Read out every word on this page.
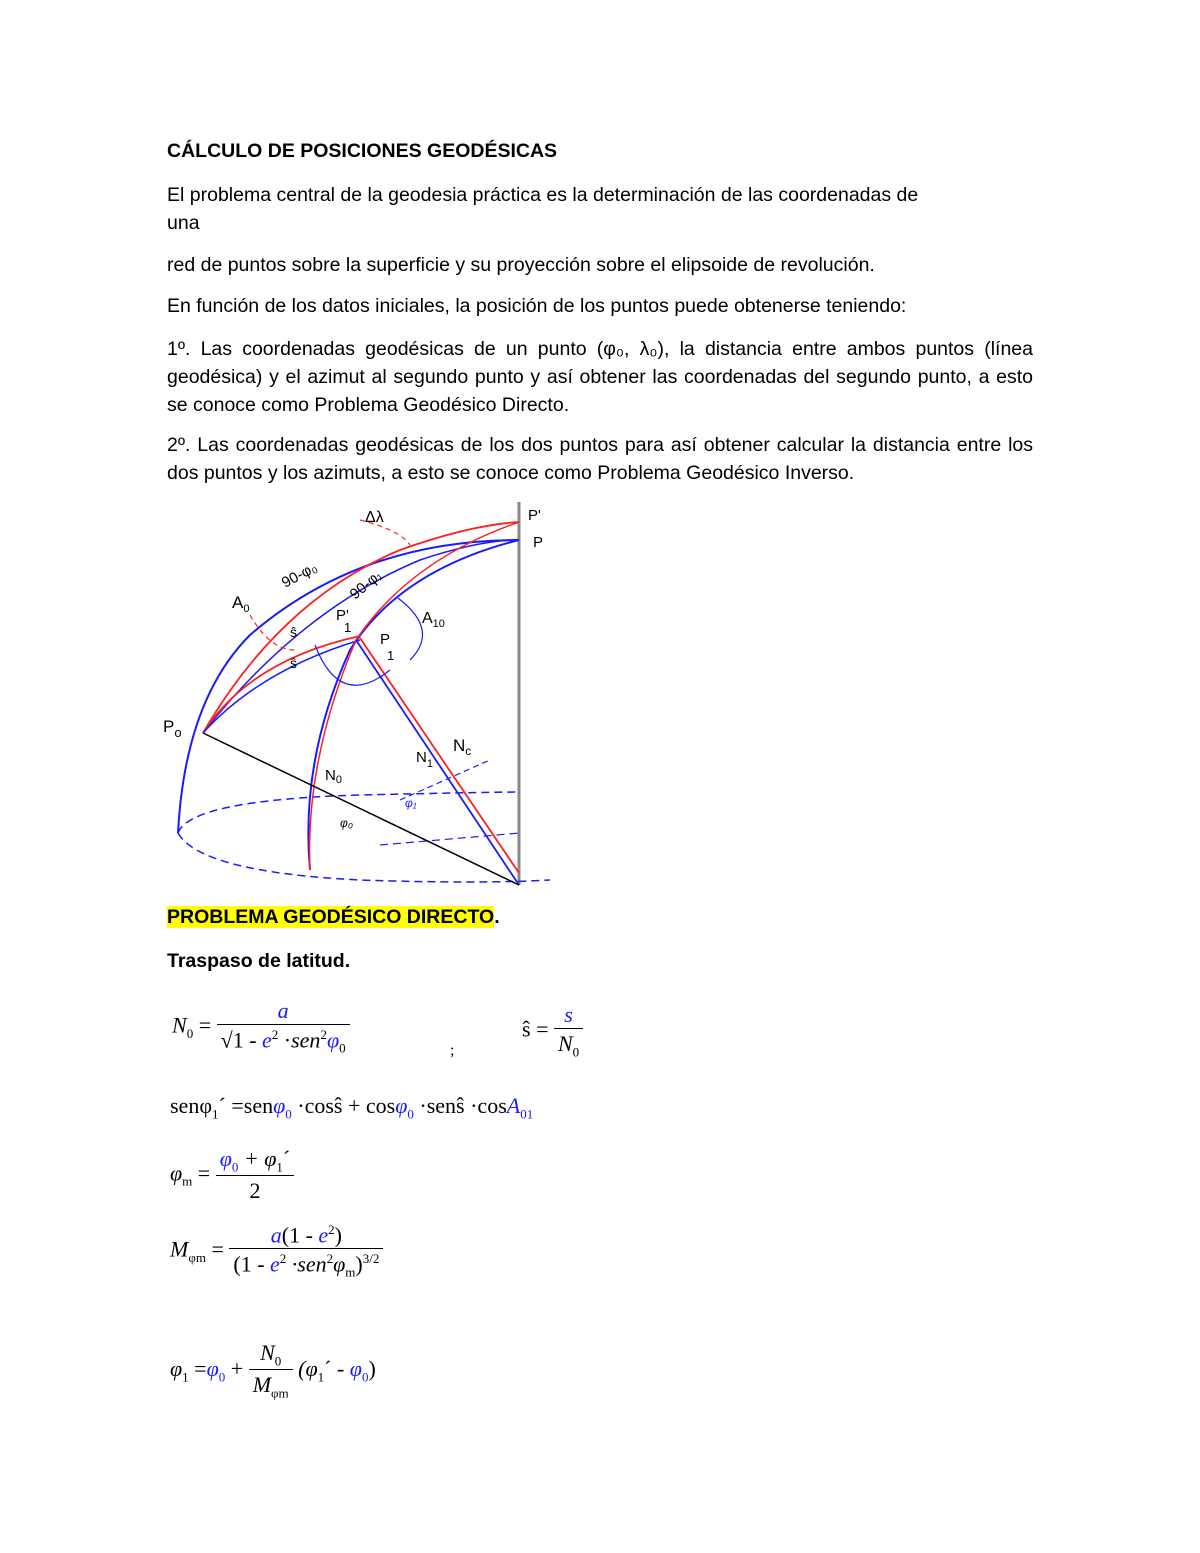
CÁLCULO DE POSICIONES GEODÉSICAS

El problema central de la geodesia práctica es la determinación de las coordenadas de
una

red de puntos sobre la superficie y su proyección sobre el elipsoide de revolución.

En función de los datos iniciales, la posición de los puntos puede obtenerse teniendo:

1º. Las coordenadas geodésicas de un punto (φ₀, λ₀), la distancia entre ambos puntos (línea geodésica) y el azimut al segundo punto y así obtener las coordenadas del segundo punto, a esto se conoce como Problema Geodésico Directo.

2º. Las coordenadas geodésicas de los dos puntos para así obtener calcular la distancia entre los dos puntos y los azimuts, a esto se conoce como Problema Geodésico Inverso.

Δλ	P'
P
90-φ₀ 90-φ₁
$A_0$
ŝ
ŝ
P' 1
P 1
$A_{10}$
$P_o$
$N_0$
$N_1$
$N_c$
φ₀
φ₁
PROBLEMA GEODÉSICO DIRECTO.
Traspaso de latitud.
$N_0 = \frac{a}{√1 - e^2 \cdot sen^2\varphi_0}$	;
ŝ = $\frac{s}{N_0}$
senφ$_1$´ =senφ$_0$ ·cosŝ + cosφ$_0$ ·senŝ ·cosA$_{01}$
$\varphi_m = \frac{\varphi_0 + \varphi_1´}{2}$
$M_{\varphi m} = \frac{a(1 - e^2)}{(1 - e^2 \cdot sen^2\varphi_m)^{3/2}}$
$\varphi_1 =\varphi_0 + \frac{N_0}{M_{\varphi m}}$ $(\varphi_1´ - \varphi_0)$
